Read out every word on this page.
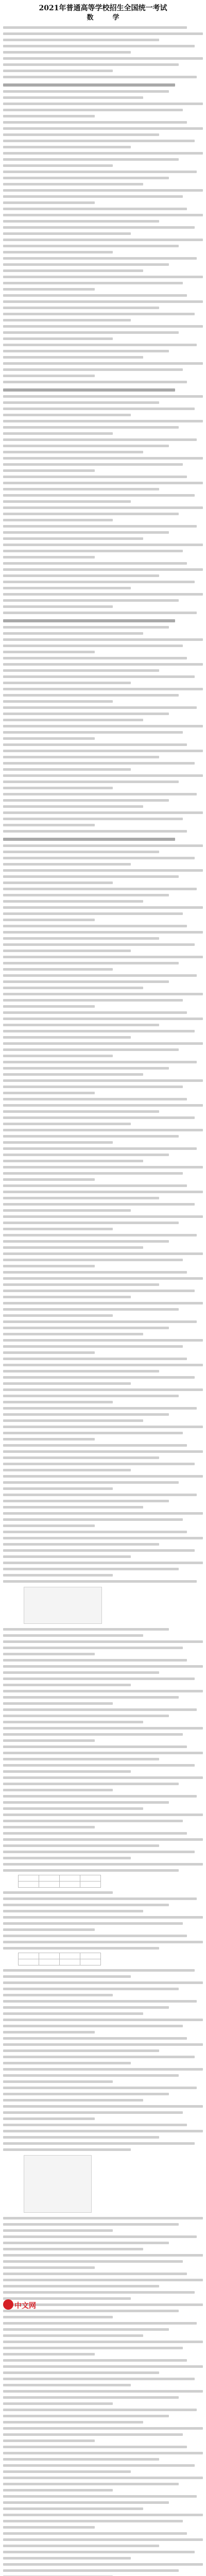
2021年普通高等学校招生全国统一考试
数　学
中文网
